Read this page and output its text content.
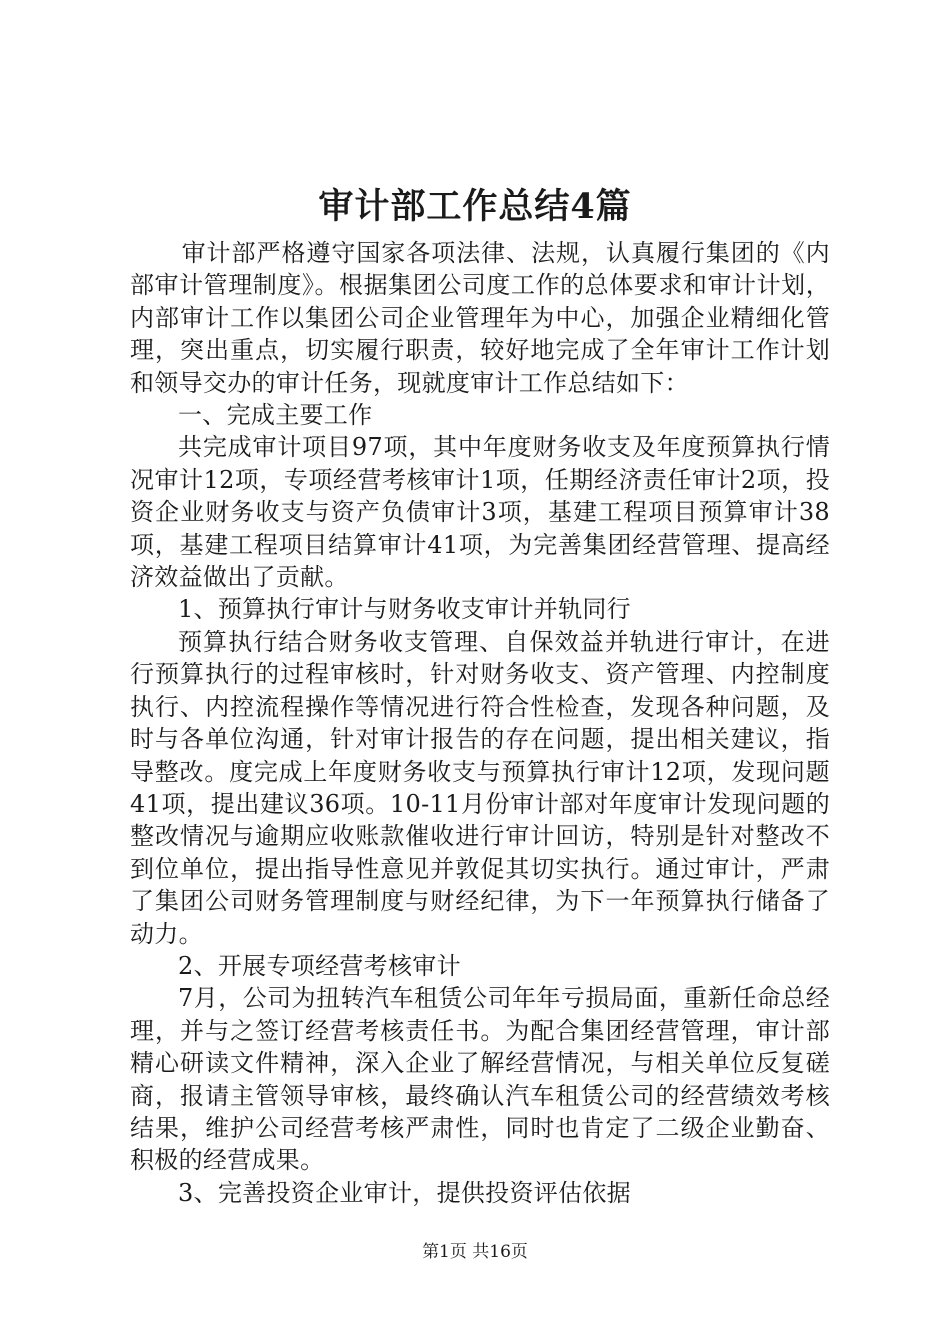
审计部工作总结4篇

审计部严格遵守国家各项法律、法规，认真履行集团的《内部审计管理制度》。根据集团公司度工作的总体要求和审计计划，内部审计工作以集团公司企业管理年为中心，加强企业精细化管理，突出重点，切实履行职责，较好地完成了全年审计工作计划和领导交办的审计任务，现就度审计工作总结如下：

一、完成主要工作

共完成审计项目97项，其中年度财务收支及年度预算执行情况审计12项，专项经营考核审计1项，任期经济责任审计2项，投资企业财务收支与资产负债审计3项，基建工程项目预算审计38项，基建工程项目结算审计41项，为完善集团经营管理、提高经济效益做出了贡献。

1、预算执行审计与财务收支审计并轨同行

预算执行结合财务收支管理、自保效益并轨进行审计，在进行预算执行的过程审核时，针对财务收支、资产管理、内控制度执行、内控流程操作等情况进行符合性检查，发现各种问题，及时与各单位沟通，针对审计报告的存在问题，提出相关建议，指导整改。度完成上年度财务收支与预算执行审计12项，发现问题41项，提出建议36项。10-11月份审计部对年度审计发现问题的整改情况与逾期应收账款催收进行审计回访，特别是针对整改不到位单位，提出指导性意见并敦促其切实执行。通过审计，严肃了集团公司财务管理制度与财经纪律，为下一年预算执行储备了动力。

2、开展专项经营考核审计

7月，公司为扭转汽车租赁公司年年亏损局面，重新任命总经理，并与之签订经营考核责任书。为配合集团经营管理，审计部精心研读文件精神，深入企业了解经营情况，与相关单位反复磋商，报请主管领导审核，最终确认汽车租赁公司的经营绩效考核结果，维护公司经营考核严肃性，同时也肯定了二级企业勤奋、积极的经营成果。

3、完善投资企业审计，提供投资评估依据

第1页 共16页
